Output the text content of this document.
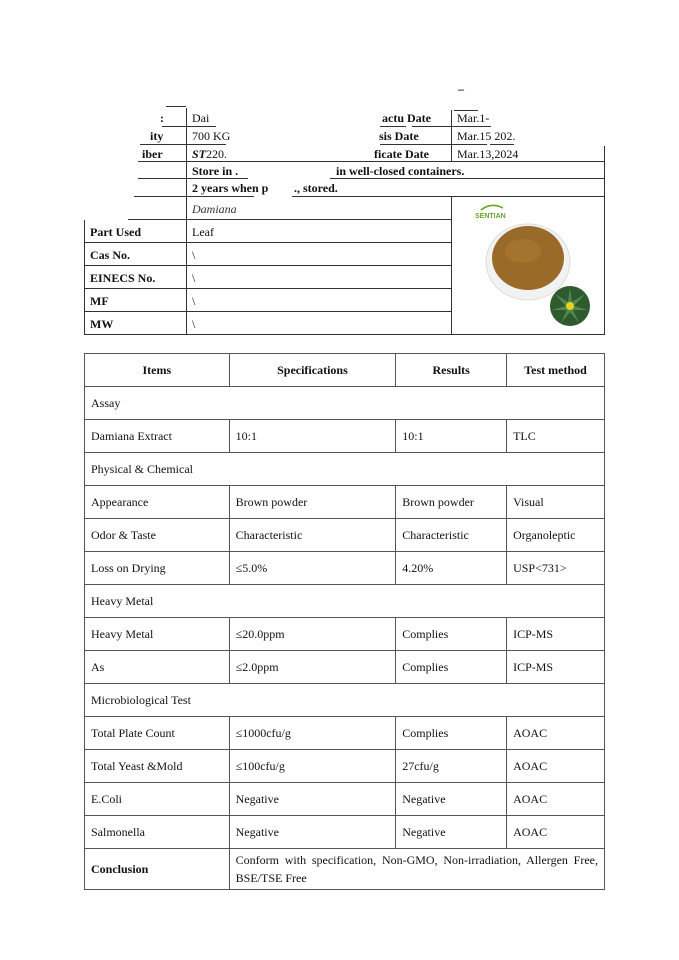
–
: Dai	actu Date Mar.1-
ity 700 KG	sis Date	Mar.15 202.
iber ST220.	ficate Date Mar.13,2024
Store in .	in well-closed containers.
2 years when p ., stored.
Damiana
Part Used	Leaf
Cas No.	\
EINECS No.	\
MF	\
MW	\
SENTIAN
Items	Specifications	Results	Test method
Assay			
Damiana Extract	10:1	10:1	TLC
Physical & Chemical			
Appearance	Brown powder	Brown powder	Visual
Odor & Taste	Characteristic	Characteristic	Organoleptic
Loss on Drying	≤5.0%	4.20%	USP<731>
Heavy Metal			
Heavy Metal	≤20.0ppm	Complies	ICP-MS
As	≤2.0ppm	Complies	ICP-MS
Microbiological Test			
Total Plate Count	≤1000cfu/g	Complies	AOAC
Total Yeast &Mold	≤100cfu/g	27cfu/g	AOAC
E.Coli	Negative	Negative	AOAC
Salmonella	Negative	Negative	AOAC
Conclusion	Conform with specification, Non-GMO, Non-irradiation, Allergen Free, BSE/TSE Free		
